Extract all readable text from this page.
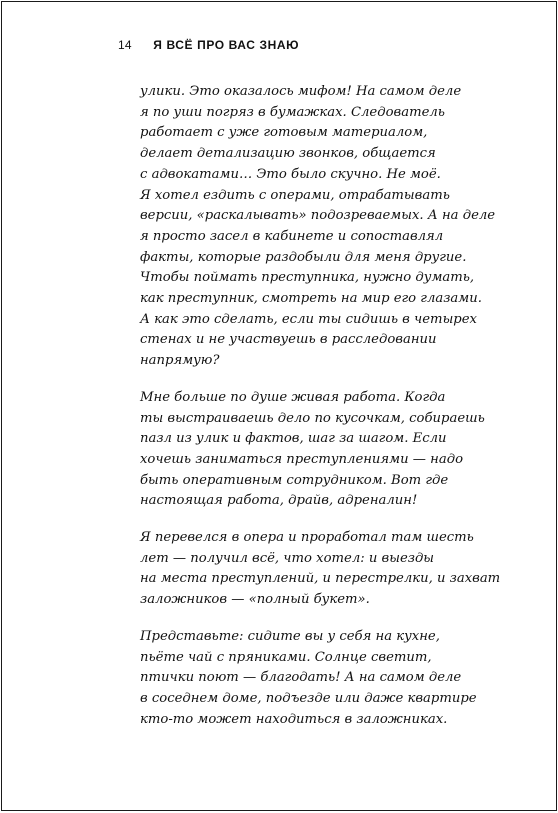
14 Я ВСЁ ПРО ВАС ЗНАЮ

улики. Это оказалось мифом! На самом деле
я по уши погряз в бумажках. Следователь
работает с уже готовым материалом,
делает детализацию звонков, общается
с адвокатами… Это было скучно. Не моё.
Я хотел ездить с операми, отрабатывать
версии, «раскалывать» подозреваемых. А на деле
я просто засел в кабинете и сопоставлял
факты, которые раздобыли для меня другие.
Чтобы поймать преступника, нужно думать,
как преступник, смотреть на мир его глазами.
А как это сделать, если ты сидишь в четырех
стенах и не участвуешь в расследовании
напрямую?

Мне больше по душе живая работа. Когда
ты выстраиваешь дело по кусочкам, собираешь
пазл из улик и фактов, шаг за шагом. Если
хочешь заниматься преступлениями — надо
быть оперативным сотрудником. Вот где
настоящая работа, драйв, адреналин!

Я перевелся в опера и проработал там шесть
лет — получил всё, что хотел: и выезды
на места преступлений, и перестрелки, и захват
заложников — «полный букет».

Представьте: сидите вы у себя на кухне,
пьёте чай с пряниками. Солнце светит,
птички поют — благодать! А на самом деле
в соседнем доме, подъезде или даже квартире
кто-то может находиться в заложниках.
